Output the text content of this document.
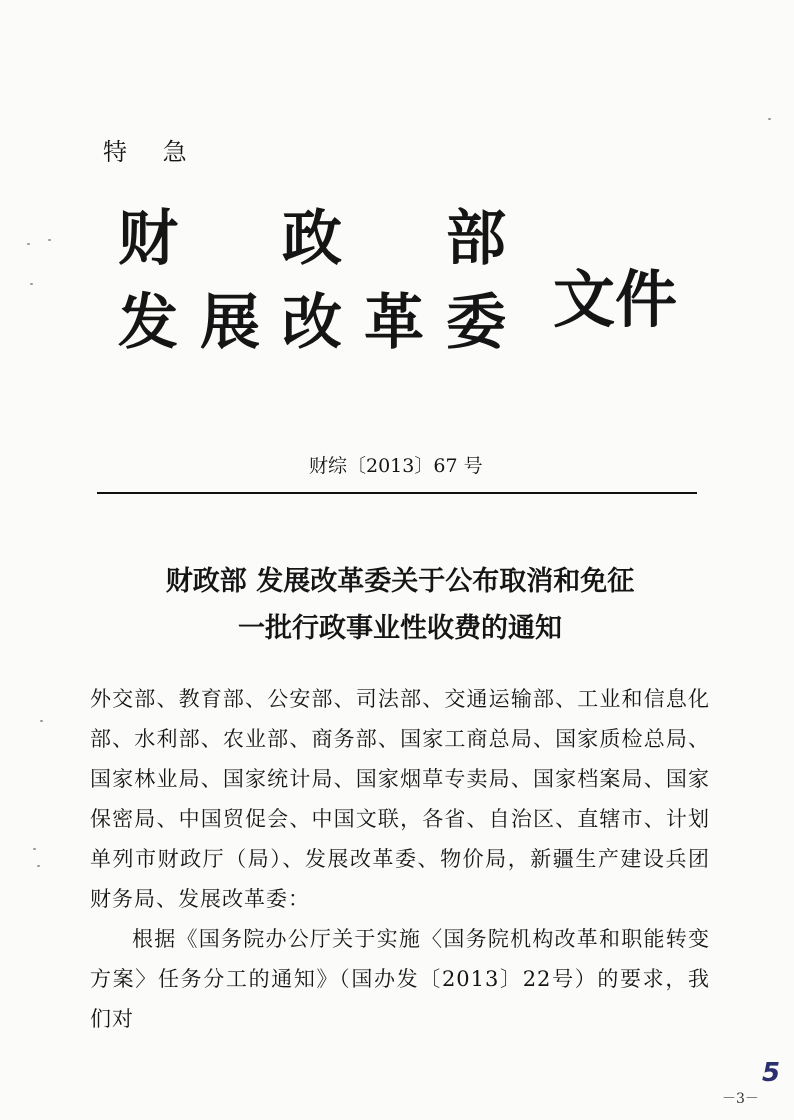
特 急
财 政 部
发 展 改 革 委 文件
财综〔2013〕67 号
财政部 发展改革委关于公布取消和免征
一批行政事业性收费的通知

外交部、教育部、公安部、司法部、交通运输部、工业和信息化部、水利部、农业部、商务部、国家工商总局、国家质检总局、国家林业局、国家统计局、国家烟草专卖局、国家档案局、国家保密局、中国贸促会、中国文联，各省、自治区、直辖市、计划单列市财政厅（局）、发展改革委、物价局，新疆生产建设兵团财务局、发展改革委：

根据《国务院办公厅关于实施〈国务院机构改革和职能转变方案〉任务分工的通知》（国办发〔2013〕22号）的要求，我们对

－3－
5
